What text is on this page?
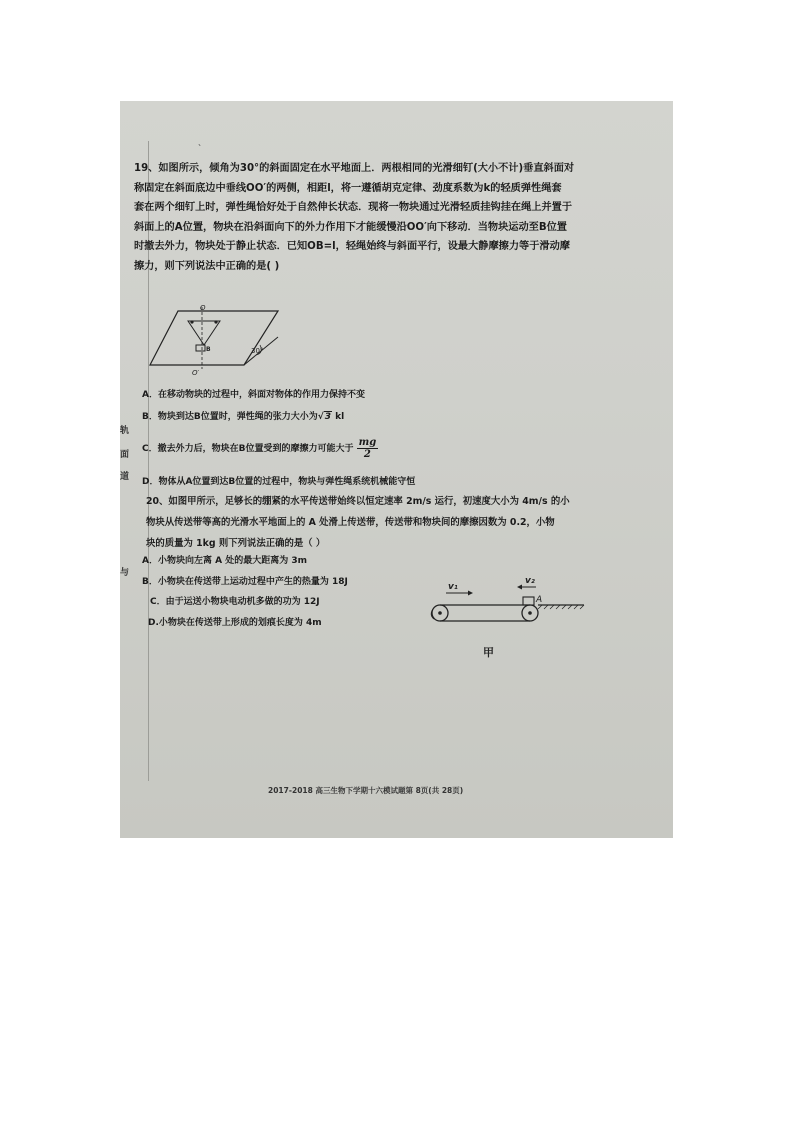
、
轨
面
道
与
19、如图所示，倾角为30°的斜面固定在水平地面上．两根相同的光滑细钉(大小不计)垂直斜面对
称固定在斜面底边中垂线OO′的两侧，相距l，将一遵循胡克定律、劲度系数为k的轻质弹性绳套
套在两个细钉上时，弹性绳恰好处于自然伸长状态．现将一物块通过光滑轻质挂钩挂在绳上并置于
斜面上的A位置，物块在沿斜面向下的外力作用下才能缓慢沿OO′向下移动．当物块运动至B位置
时撤去外力，物块处于静止状态．已知OB=l，轻绳始终与斜面平行，设最大静摩擦力等于滑动摩
擦力，则下列说法中正确的是( )
O
O′
B	30°
A．在移动物块的过程中，斜面对物体的作用力保持不变
B．物块到达B位置时，弹性绳的张力大小为√3 kl
C．撤去外力后，物块在B位置受到的摩擦力可能大于 $\frac{mg}{2}$
D．物体从A位置到达B位置的过程中，物块与弹性绳系统机械能守恒
20、如图甲所示，足够长的绷紧的水平传送带始终以恒定速率 2m/s 运行，初速度大小为 4m/s 的小
物块从传送带等高的光滑水平地面上的 A 处滑上传送带，传送带和物块间的摩擦因数为 0.2，小物
块的质量为 1kg 则下列说法正确的是（ ）
A．小物块向左离 A 处的最大距离为 3m
B．小物块在传送带上运动过程中产生的热量为 18J
C．由于运送小物块电动机多做的功为 12J
D.小物块在传送带上形成的划痕长度为 4m
v₁
v₂
A
甲
2017-2018 高三生物下学期十六模试题第 8页(共 28页)
